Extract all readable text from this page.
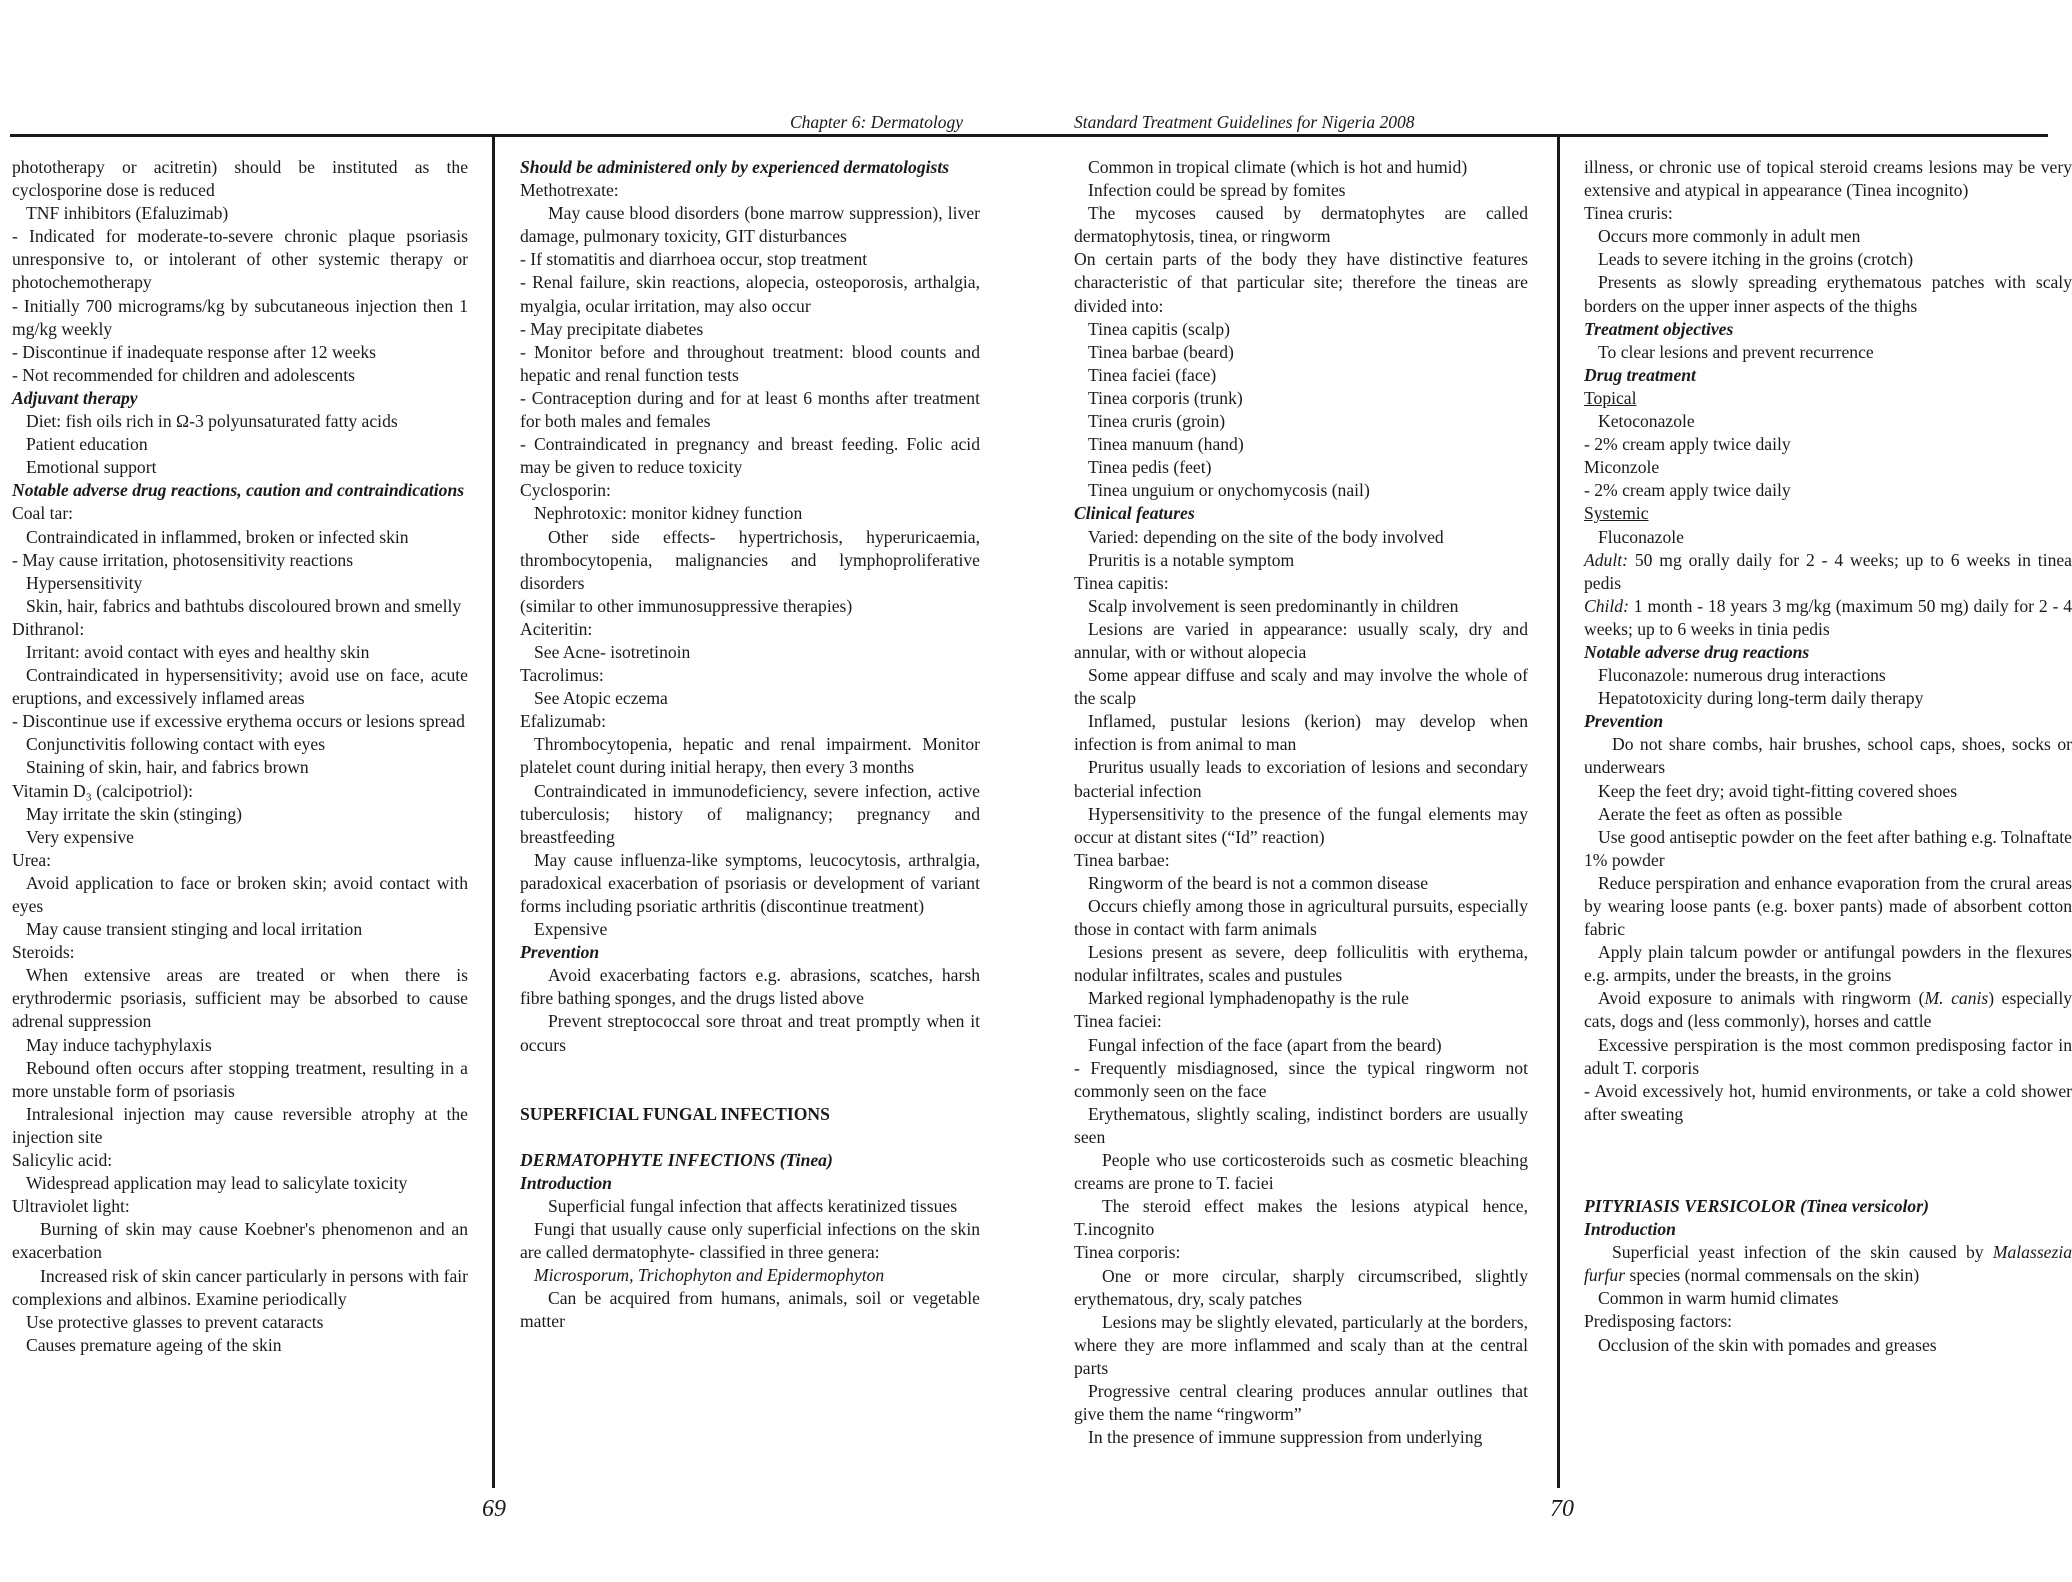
Chapter 6: Dermatology

phototherapy or acitretin) should be instituted as the cyclosporine dose is reduced

TNF inhibitors (Efaluzimab)

- Indicated for moderate-to-severe chronic plaque psoriasis unresponsive to, or intolerant of other systemic therapy or photochemotherapy

- Initially 700 micrograms/kg by subcutaneous injection then 1 mg/kg weekly

- Discontinue if inadequate response after 12 weeks

- Not recommended for children and adolescents

Adjuvant therapy

Diet: fish oils rich in Ω-3 polyunsaturated fatty acids

Patient education

Emotional support

Notable adverse drug reactions, caution and contraindications

Coal tar:

Contraindicated in inflammed, broken or infected skin

- May cause irritation, photosensitivity reactions

Hypersensitivity

Skin, hair, fabrics and bathtubs discoloured brown and smelly

Dithranol:

Irritant: avoid contact with eyes and healthy skin

Contraindicated in hypersensitivity; avoid use on face, acute eruptions, and excessively inflamed areas

- Discontinue use if excessive erythema occurs or lesions spread

Conjunctivitis following contact with eyes

Staining of skin, hair, and fabrics brown

Vitamin D₃ (calcipotriol):

May irritate the skin (stinging)

Very expensive

Urea:

Avoid application to face or broken skin; avoid contact with eyes

May cause transient stinging and local irritation

Steroids:

When extensive areas are treated or when there is erythrodermic psoriasis, sufficient may be absorbed to cause adrenal suppression

May induce tachyphylaxis

Rebound often occurs after stopping treatment, resulting in a more unstable form of psoriasis

Intralesional injection may cause reversible atrophy at the injection site

Salicylic acid:

Widespread application may lead to salicylate toxicity

Ultraviolet light:

Burning of skin may cause Koebner's phenomenon and an exacerbation

Increased risk of skin cancer particularly in persons with fair complexions and albinos. Examine periodically

Use protective glasses to prevent cataracts

Causes premature ageing of the skin

Should be administered only by experienced dermatologists

Methotrexate:

May cause blood disorders (bone marrow suppression), liver damage, pulmonary toxicity, GIT disturbances

- If stomatitis and diarrhoea occur, stop treatment

- Renal failure, skin reactions, alopecia, osteoporosis, arthalgia, myalgia, ocular irritation, may also occur

- May precipitate diabetes

- Monitor before and throughout treatment: blood counts and hepatic and renal function tests

- Contraception during and for at least 6 months after treatment for both males and females

- Contraindicated in pregnancy and breast feeding. Folic acid may be given to reduce toxicity

Cyclosporin:

Nephrotoxic: monitor kidney function

Other side effects- hypertrichosis, hyperuricaemia, thrombocytopenia, malignancies and lymphoproliferative disorders

(similar to other immunosuppressive therapies)

Aciteritin:

See Acne- isotretinoin

Tacrolimus:

See Atopic eczema

Efalizumab:

Thrombocytopenia, hepatic and renal impairment. Monitor platelet count during initial herapy, then every 3 months

Contraindicated in immunodeficiency, severe infection, active tuberculosis; history of malignancy; pregnancy and breastfeeding

May cause influenza-like symptoms, leucocytosis, arthralgia, paradoxical exacerbation of psoriasis or development of variant forms including psoriatic arthritis (discontinue treatment)

Expensive

Prevention

Avoid exacerbating factors e.g. abrasions, scatches, harsh fibre bathing sponges, and the drugs listed above

Prevent streptococcal sore throat and treat promptly when it occurs

SUPERFICIAL FUNGAL INFECTIONS

DERMATOPHYTE INFECTIONS (Tinea)

Introduction

Superficial fungal infection that affects keratinized tissues

Fungi that usually cause only superficial infections on the skin are called dermatophyte- classified in three genera:

Microsporum, Trichophyton and Epidermophyton

Can be acquired from humans, animals, soil or vegetable matter

69
Standard Treatment Guidelines for Nigeria 2008

Common in tropical climate (which is hot and humid)

Infection could be spread by fomites

The mycoses caused by dermatophytes are called dermatophytosis, tinea, or ringworm

On certain parts of the body they have distinctive features characteristic of that particular site; therefore the tineas are divided into:

Tinea capitis (scalp)

Tinea barbae (beard)

Tinea faciei (face)

Tinea corporis (trunk)

Tinea cruris (groin)

Tinea manuum (hand)

Tinea pedis (feet)

Tinea unguium or onychomycosis (nail)

Clinical features

Varied: depending on the site of the body involved

Pruritis is a notable symptom

Tinea capitis:

Scalp involvement is seen predominantly in children

Lesions are varied in appearance: usually scaly, dry and annular, with or without alopecia

Some appear diffuse and scaly and may involve the whole of the scalp

Inflamed, pustular lesions (kerion) may develop when infection is from animal to man

Pruritus usually leads to excoriation of lesions and secondary bacterial infection

Hypersensitivity to the presence of the fungal elements may occur at distant sites (“Id” reaction)

Tinea barbae:

Ringworm of the beard is not a common disease

Occurs chiefly among those in agricultural pursuits, especially those in contact with farm animals

Lesions present as severe, deep folliculitis with erythema, nodular infiltrates, scales and pustules

Marked regional lymphadenopathy is the rule

Tinea faciei:

Fungal infection of the face (apart from the beard)

- Frequently misdiagnosed, since the typical ringworm not commonly seen on the face

Erythematous, slightly scaling, indistinct borders are usually seen

People who use corticosteroids such as cosmetic bleaching creams are prone to T. faciei

The steroid effect makes the lesions atypical hence, T.incognito

Tinea corporis:

One or more circular, sharply circumscribed, slightly erythematous, dry, scaly patches

Lesions may be slightly elevated, particularly at the borders, where they are more inflammed and scaly than at the central parts

Progressive central clearing produces annular outlines that give them the name “ringworm”

In the presence of immune suppression from underlying

illness, or chronic use of topical steroid creams lesions may be very extensive and atypical in appearance (Tinea incognito)

Tinea cruris:

Occurs more commonly in adult men

Leads to severe itching in the groins (crotch)

Presents as slowly spreading erythematous patches with scaly borders on the upper inner aspects of the thighs

Treatment objectives

To clear lesions and prevent recurrence

Drug treatment

Topical

Ketoconazole

- 2% cream apply twice daily

Miconzole

- 2% cream apply twice daily

Systemic

Fluconazole

Adult: 50 mg orally daily for 2 - 4 weeks; up to 6 weeks in tinea pedis

Child: 1 month - 18 years 3 mg/kg (maximum 50 mg) daily for 2 - 4 weeks; up to 6 weeks in tinia pedis

Notable adverse drug reactions

Fluconazole: numerous drug interactions

Hepatotoxicity during long-term daily therapy

Prevention

Do not share combs, hair brushes, school caps, shoes, socks or underwears

Keep the feet dry; avoid tight-fitting covered shoes

Aerate the feet as often as possible

Use good antiseptic powder on the feet after bathing e.g. Tolnaftate 1% powder

Reduce perspiration and enhance evaporation from the crural areas by wearing loose pants (e.g. boxer pants) made of absorbent cotton fabric

Apply plain talcum powder or antifungal powders in the flexures e.g. armpits, under the breasts, in the groins

Avoid exposure to animals with ringworm (M. canis) especially cats, dogs and (less commonly), horses and cattle

Excessive perspiration is the most common predisposing factor in adult T. corporis

- Avoid excessively hot, humid environments, or take a cold shower after sweating

PITYRIASIS VERSICOLOR (Tinea versicolor)

Introduction

Superficial yeast infection of the skin caused by Malassezia furfur species (normal commensals on the skin)

Common in warm humid climates

Predisposing factors:

Occlusion of the skin with pomades and greases

70
